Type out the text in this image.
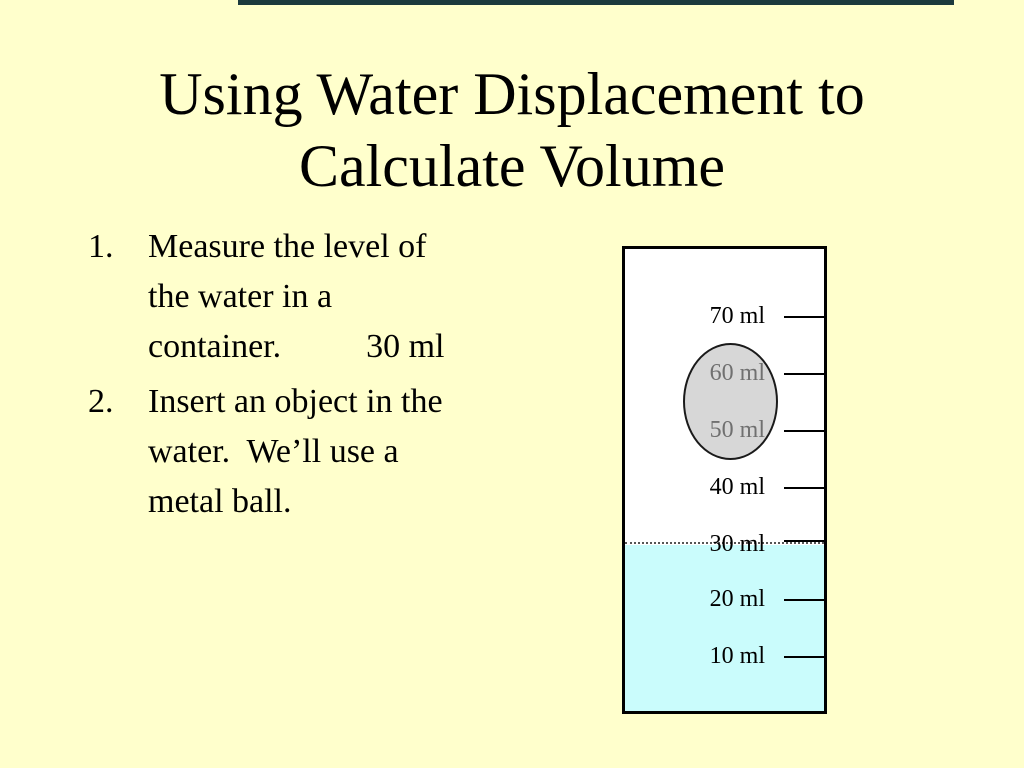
Using Water Displacement to
Calculate Volume
1. Measure the level of
the water in a
container.          30 ml
2. Insert an object in the
water.  We’ll use a
metal ball.
70 ml
60 ml
50 ml
40 ml
30 ml
20 ml
10 ml
